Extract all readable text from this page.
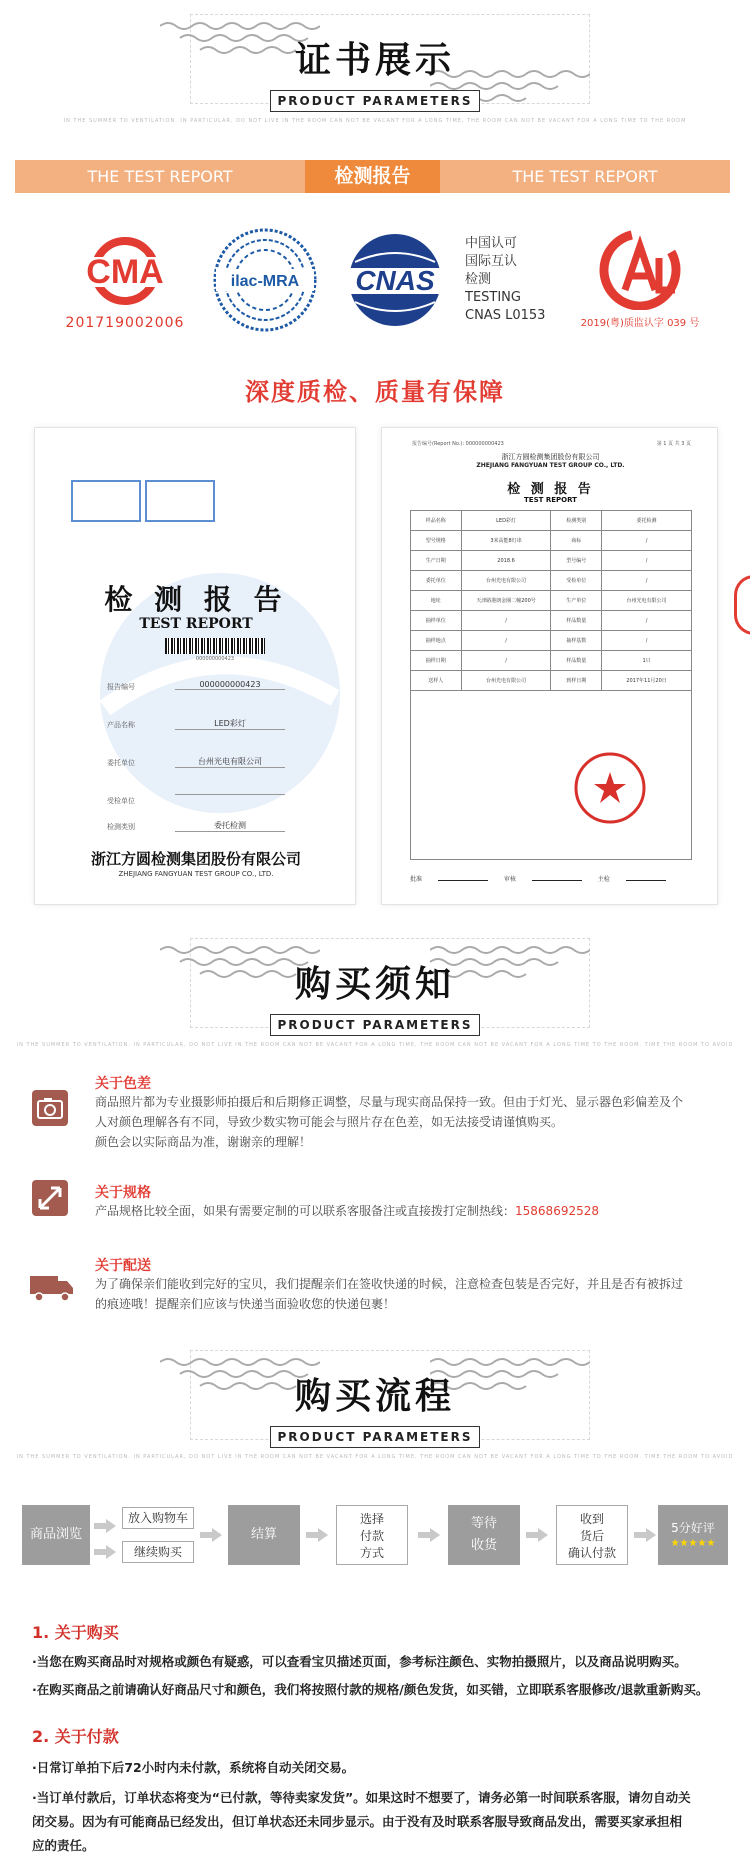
证书展示
PRODUCT PARAMETERS
IN THE SUMMER TO VENTILATION. IN PARTICULAR, DO NOT LIVE IN THE ROOM CAN NOT BE VACANT FOR A LONG TIME, THE ROOM CAN NOT BE VACANT FOR A LONG TIME TO THE ROOM
THE TEST REPORT	检测报告	THE TEST REPORT
CMA
201719002006
ilac-MRA CNAS
中国认可
国际互认
检测
TESTING
CNAS L0153
2019(粤)质监认字 039 号
深度质检、质量有保障
检 测 报 告
TEST REPORT
000000000423
报告编号	000000000423
产品名称	LED彩灯
委托单位	台州光电有限公司
受检单位
检测类别	委托检测
浙江方圆检测集团股份有限公司
ZHEJIANG FANGYUAN TEST GROUP CO., LTD.
报告编号(Report No.): 000000000423	第 1 页 共 3 页
浙江方圆检测集团股份有限公司
ZHEJIANG FANGYUAN TEST GROUP CO., LTD.
检 测 报 告
TEST REPORT
样品名称	LED彩灯	检测类别	委托检测
型号规格	3米高能8灯串	商标	/
生产日期	2018.6	型号编号	/
委托单位	台州光电有限公司	受检单位	/
地址	天津路港朗金圈二幢200号	生产单位	台州光电有限公司
抽样单位	/	样品数量	/
抽样地点	/	抽样基数	/
抽样日期	/	样品数量	1只
送样人	台州光电有限公司	到样日期	2017年11月20日
批准	审核	主检
购买须知
PRODUCT PARAMETERS
IN THE SUMMER TO VENTILATION. IN PARTICULAR, DO NOT LIVE IN THE ROOM CAN NOT BE VACANT FOR A LONG TIME, THE ROOM CAN NOT BE VACANT FOR A LONG TIME TO THE ROOM. TIME THE ROOM TO AVOID
关于色差
商品照片都为专业摄影师拍摄后和后期修正调整，尽量与现实商品保持一致。但由于灯光、显示器色彩偏差及个
人对颜色理解各有不同，导致少数实物可能会与照片存在色差，如无法接受请谨慎购买。
颜色会以实际商品为准，谢谢亲的理解！
关于规格
产品规格比较全面，如果有需要定制的可以联系客服备注或直接拨打定制热线：15868692528
关于配送
为了确保亲们能收到完好的宝贝，我们提醒亲们在签收快递的时候，注意检查包装是否完好，并且是否有被拆过
的痕迹哦！提醒亲们应该与快递当面验收您的快递包裹！
购买流程
PRODUCT PARAMETERS
IN THE SUMMER TO VENTILATION. IN PARTICULAR, DO NOT LIVE IN THE ROOM CAN NOT BE VACANT FOR A LONG TIME, THE ROOM CAN NOT BE VACANT FOR A LONG TIME TO THE ROOM. TIME THE ROOM TO AVOID
商品浏览
放入购物车
继续购买
结算
选择
付款
方式
等待
收货
收到
货后
确认付款
5分好评
★★★★★
1. 关于购买
·当您在购买商品时对规格或颜色有疑惑，可以查看宝贝描述页面，参考标注颜色、实物拍摄照片，以及商品说明购买。
·在购买商品之前请确认好商品尺寸和颜色，我们将按照付款的规格/颜色发货，如买错，立即联系客服修改/退款重新购买。
2. 关于付款
·日常订单拍下后72小时内未付款，系统将自动关闭交易。
·当订单付款后，订单状态将变为“已付款，等待卖家发货”。如果这时不想要了，请务必第一时间联系客服，请勿自动关
闭交易。因为有可能商品已经发出，但订单状态还未同步显示。由于没有及时联系客服导致商品发出，需要买家承担相
应的责任。
